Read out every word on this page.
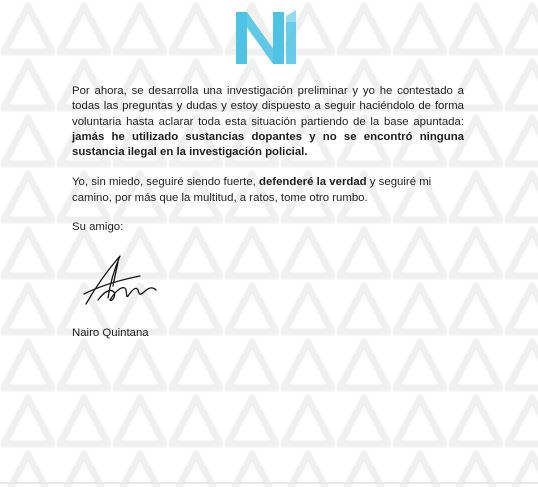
Por ahora, se desarrolla una investigación preliminar y yo he contestado a todas las preguntas y dudas y estoy dispuesto a seguir haciéndolo de forma voluntaria hasta aclarar toda esta situación partiendo de la base apuntada: jamás he utilizado sustancias dopantes y no se encontró ninguna sustancia ilegal en la investigación policial.

Yo, sin miedo, seguiré siendo fuerte, defenderé la verdad y seguiré mi camino, por más que la multitud, a ratos, tome otro rumbo.

Su amigo:

Nairo Quintana
